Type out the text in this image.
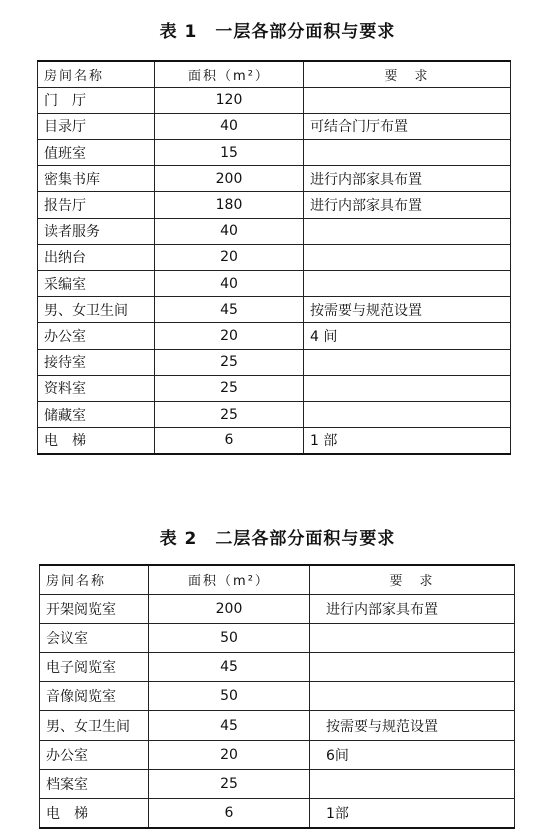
表 1　一层各部分面积与要求
房间名称	面积（m²）	要　求
门　厅	120	
目录厅	40	可结合门厅布置
值班室	15	
密集书库	200	进行内部家具布置
报告厅	180	进行内部家具布置
读者服务	40	
出纳台	20	
采编室	40	
男、女卫生间	45	按需要与规范设置
办公室	20	4 间
接待室	25	
资料室	25	
储藏室	25	
电　梯	6	1 部
表 2　二层各部分面积与要求
房间名称	面积（m²）	要　求
开架阅览室	200	进行内部家具布置
会议室	50	
电子阅览室	45	
音像阅览室	50	
男、女卫生间	45	按需要与规范设置
办公室	20	6间
档案室	25	
电　梯	6	1部
